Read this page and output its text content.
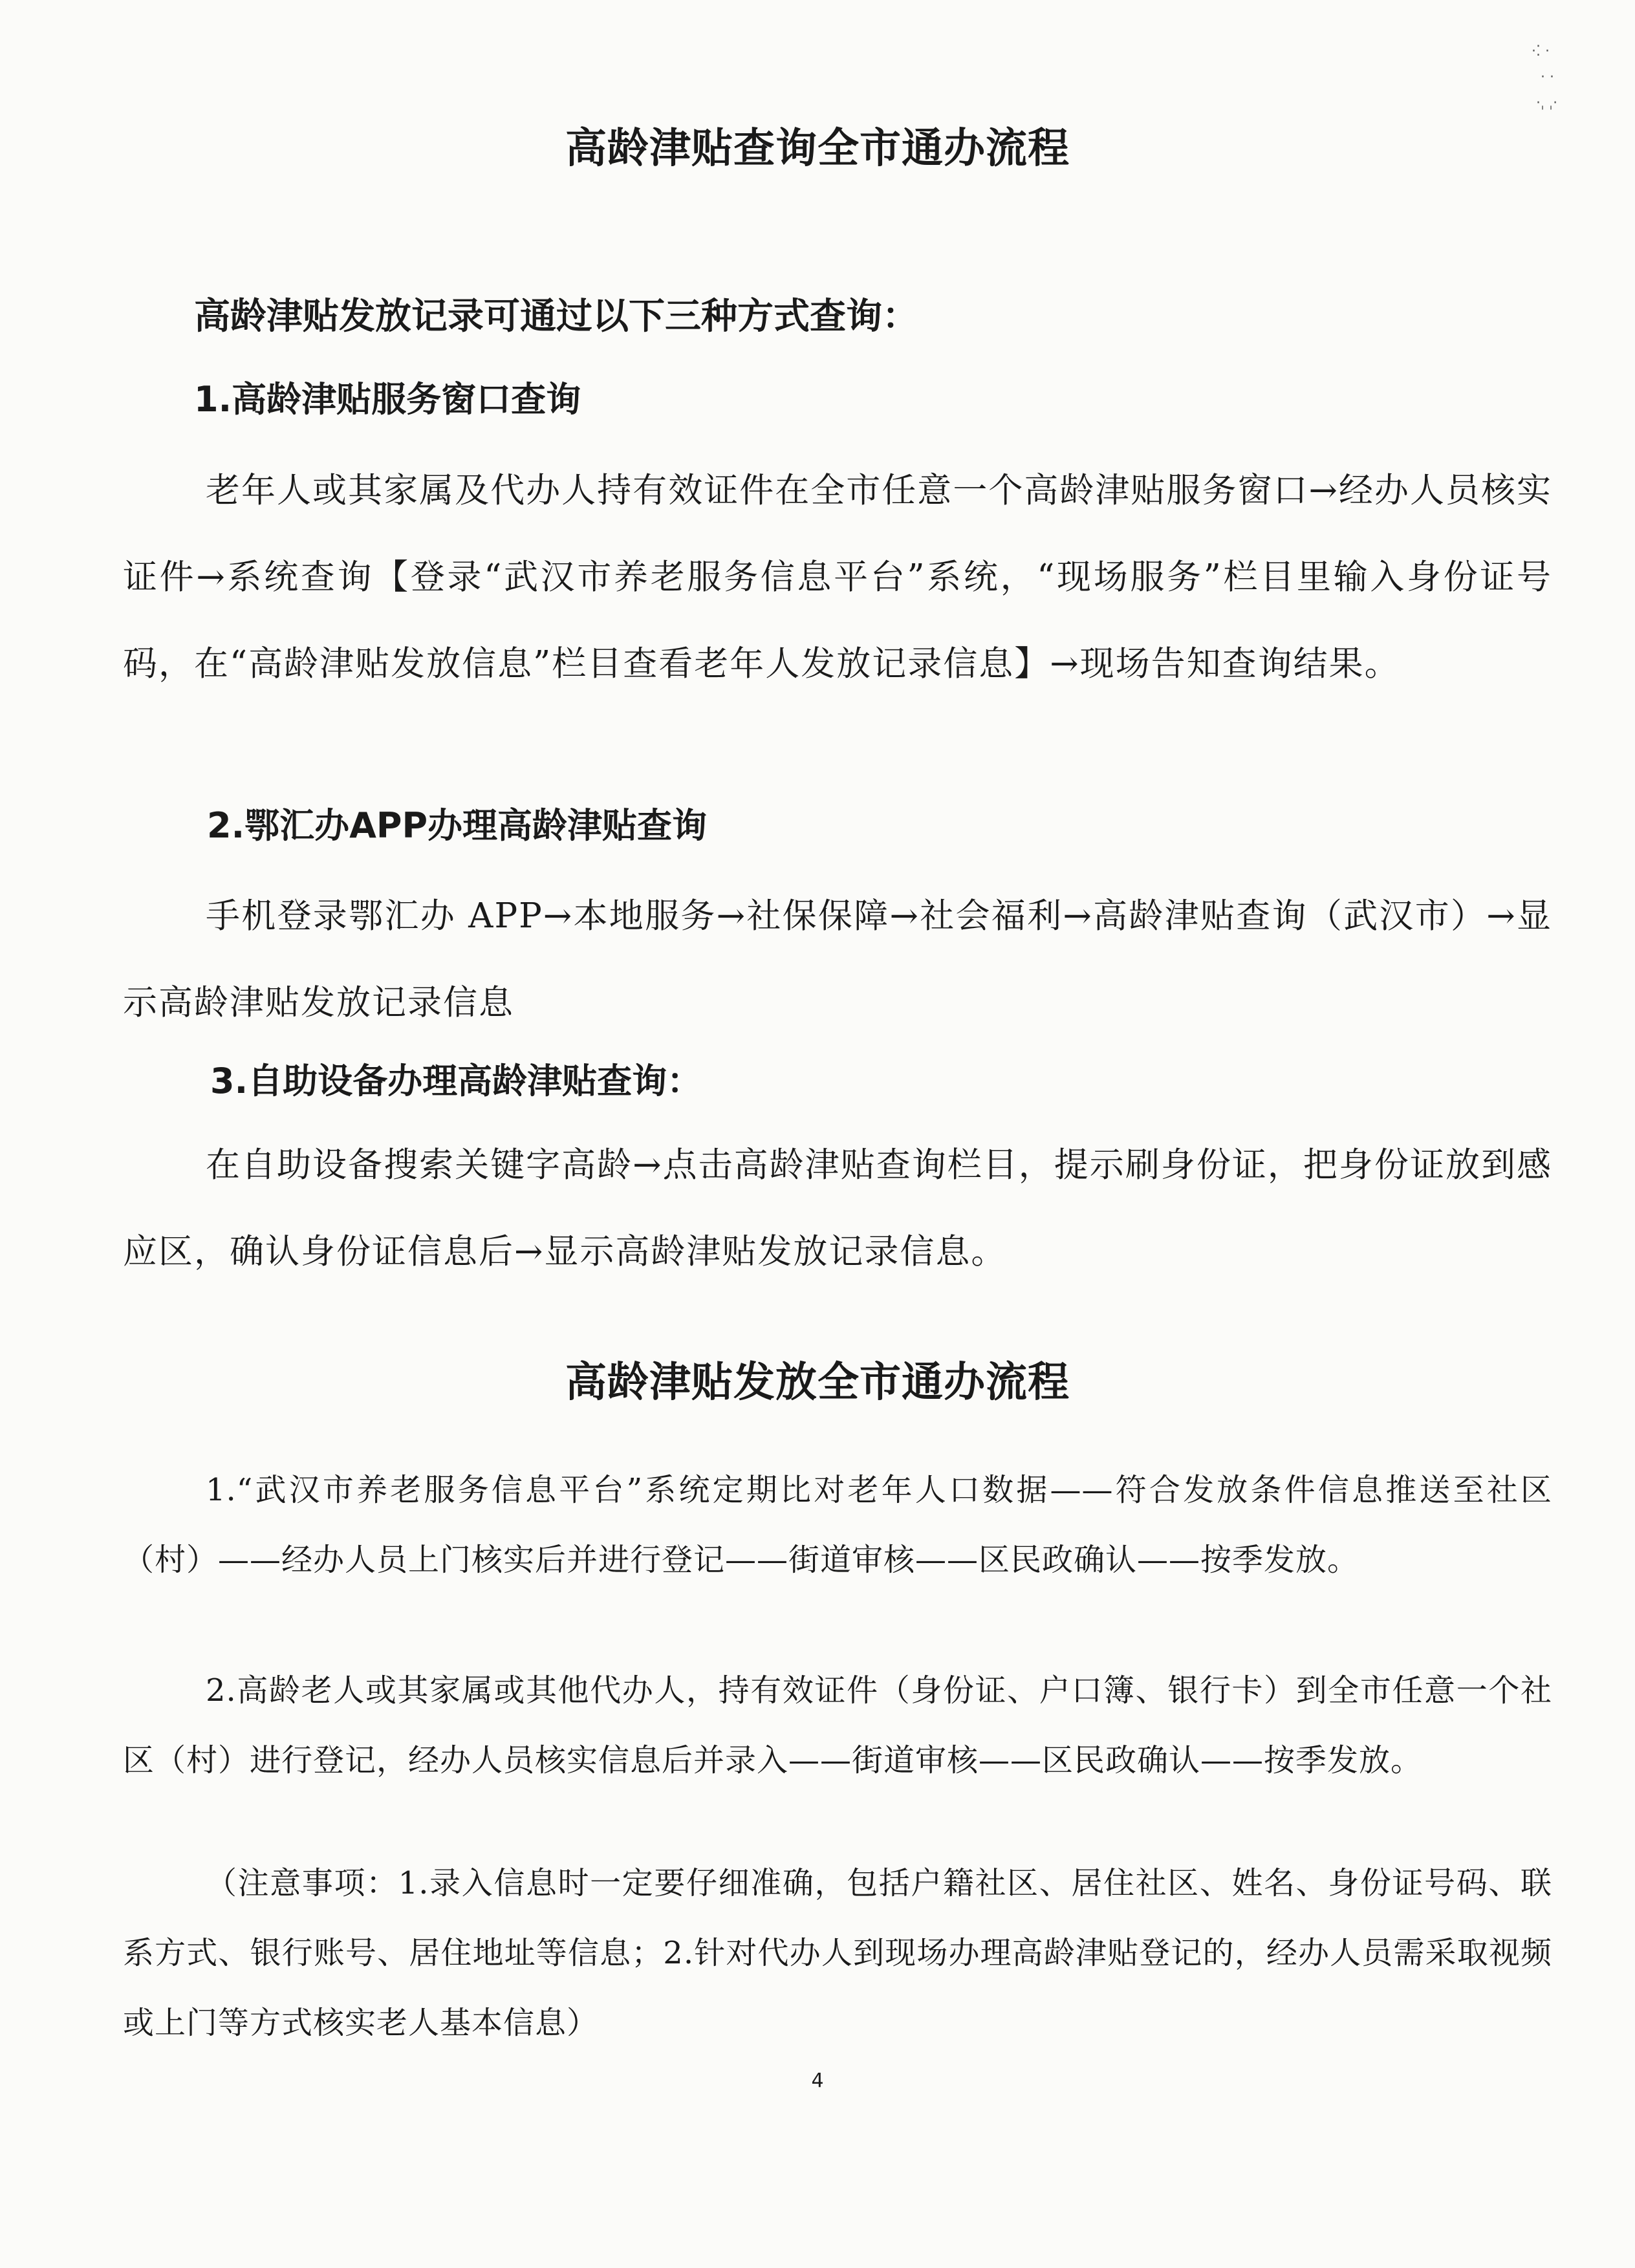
·⁚ ·
· ·
·ˌ ˌ·
高龄津贴查询全市通办流程
高龄津贴发放记录可通过以下三种方式查询：
1.高龄津贴服务窗口查询
老年人或其家属及代办人持有效证件在全市任意一个高龄津贴服务窗口→经办人员核实证件→系统查询【登录“武汉市养老服务信息平台”系统，“现场服务”栏目里输入身份证号码，在“高龄津贴发放信息”栏目查看老年人发放记录信息】→现场告知查询结果。
2.鄂汇办APP办理高龄津贴查询
手机登录鄂汇办 APP→本地服务→社保保障→社会福利→高龄津贴查询（武汉市）→显示高龄津贴发放记录信息
3.自助设备办理高龄津贴查询：
在自助设备搜索关键字高龄→点击高龄津贴查询栏目，提示刷身份证，把身份证放到感应区，确认身份证信息后→显示高龄津贴发放记录信息。
高龄津贴发放全市通办流程
1.“武汉市养老服务信息平台”系统定期比对老年人口数据——符合发放条件信息推送至社区（村）——经办人员上门核实后并进行登记——街道审核——区民政确认——按季发放。
2.高龄老人或其家属或其他代办人，持有效证件（身份证、户口簿、银行卡）到全市任意一个社区（村）进行登记，经办人员核实信息后并录入——街道审核——区民政确认——按季发放。
（注意事项：1.录入信息时一定要仔细准确，包括户籍社区、居住社区、姓名、身份证号码、联系方式、银行账号、居住地址等信息；2.针对代办人到现场办理高龄津贴登记的，经办人员需采取视频或上门等方式核实老人基本信息）
4
